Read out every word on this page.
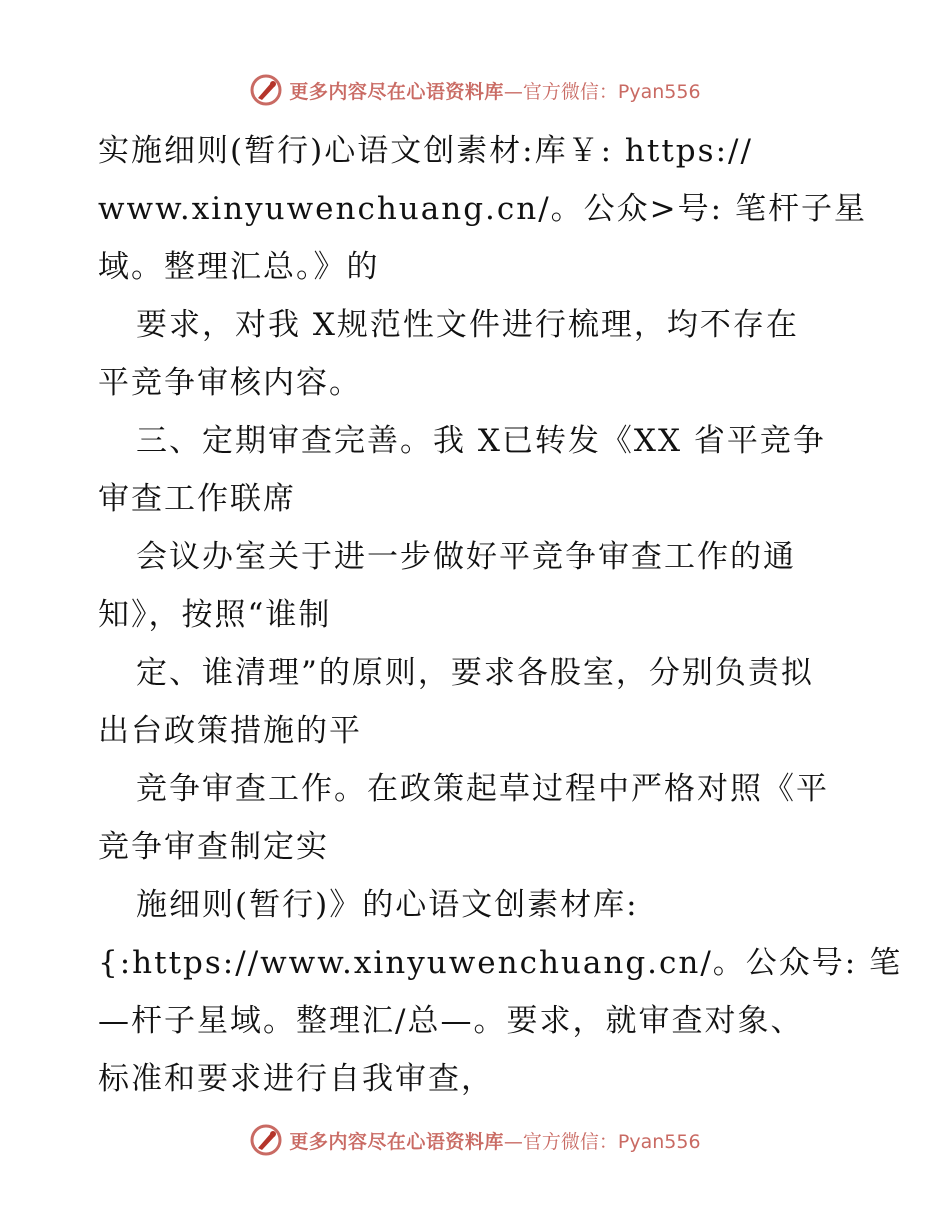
更多内容尽在心语资料库 —官方微信：Pyan556
实施细则(暂行)心语文创素材:库￥: https://
www.xinyuwenchuang.cn/。公众>号: 笔杆子星
域。整理汇总。》的
要求，对我 X规范性文件进行梳理，均不存在
平竞争审核内容。
三、定期审查完善。我 X已转发《XX 省平竞争
审查工作联席
会议办室关于进一步做好平竞争审查工作的通
知》，按照“谁制
定、谁清理”的原则，要求各股室，分别负责拟
出台政策措施的平
竞争审查工作。在政策起草过程中严格对照《平
竞争审查制定实
施细则(暂行)》的心语文创素材库:
{:https://www.xinyuwenchuang.cn/。公众号: 笔
—杆子星域。整理汇/总—。要求，就审查对象、
标准和要求进行自我审查，
更多内容尽在心语资料库 —官方微信：Pyan556
